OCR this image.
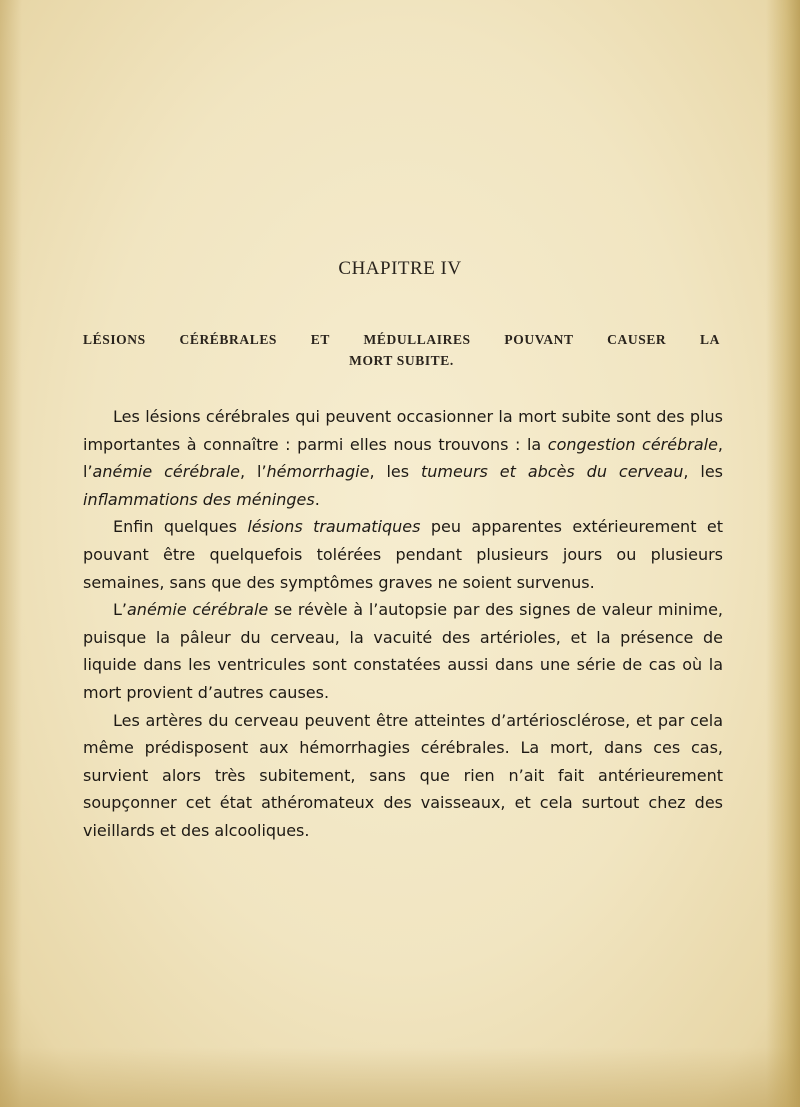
CHAPITRE IV
LÉSIONS CÉRÉBRALES ET MÉDULLAIRES POUVANT CAUSER LA
MORT SUBITE.

Les lésions cérébrales qui peuvent occasionner la mort subite sont des plus importantes à connaître : parmi elles nous trouvons : la congestion cérébrale, l’anémie cérébrale, l’hémorrhagie, les tumeurs et abcès du cerveau, les inflammations des méninges.

Enfin quelques lésions traumatiques peu apparentes extérieurement et pouvant être quelquefois tolérées pendant plusieurs jours ou plusieurs semaines, sans que des symptômes graves ne soient survenus.

L’anémie cérébrale se révèle à l’autopsie par des signes de valeur minime, puisque la pâleur du cerveau, la vacuité des artérioles, et la présence de liquide dans les ventricules sont constatées aussi dans une série de cas où la mort provient d’autres causes.

Les artères du cerveau peuvent être atteintes d’artériosclérose, et par cela même prédisposent aux hémorrhagies cérébrales. La mort, dans ces cas, survient alors très subitement, sans que rien n’ait fait antérieurement soupçonner cet état athéromateux des vaisseaux, et cela surtout chez des vieillards et des alcooliques.
